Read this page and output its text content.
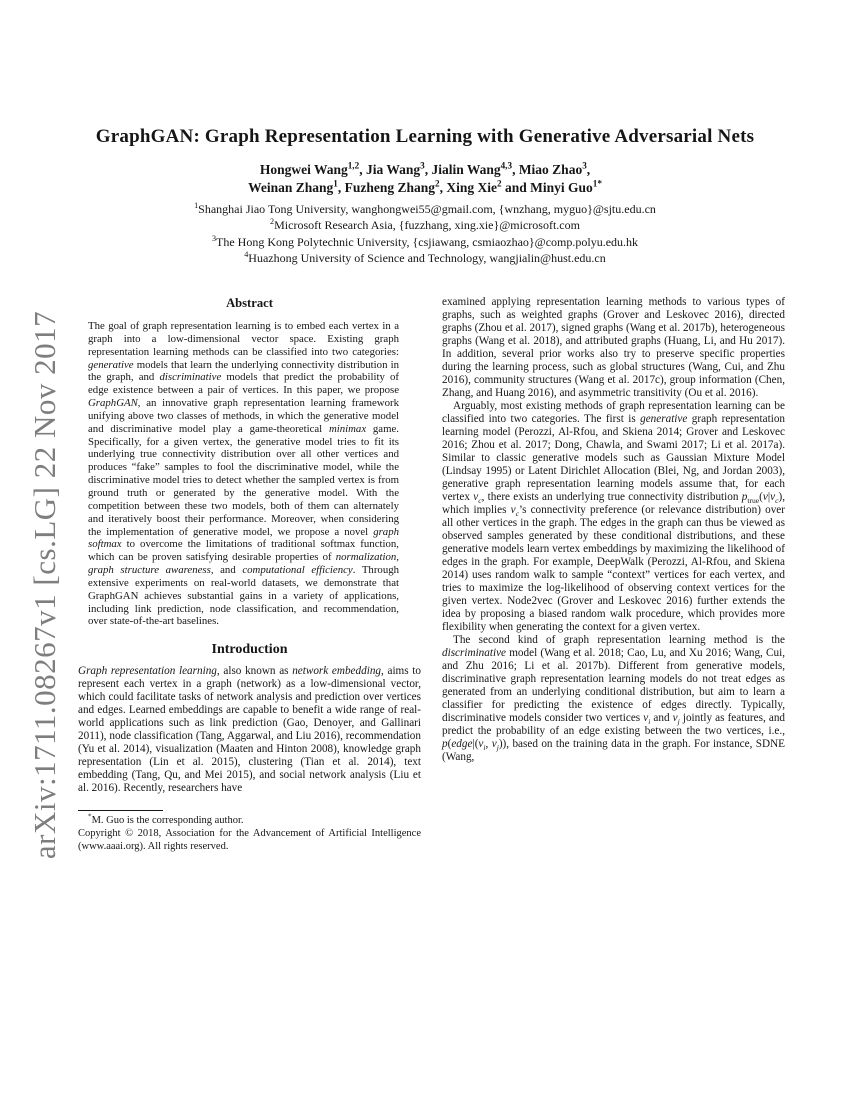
arXiv:1711.08267v1 [cs.LG] 22 Nov 2017
GraphGAN: Graph Representation Learning with Generative Adversarial Nets
Hongwei Wang$^{1,2}$, Jia Wang$^3$, Jialin Wang$^{4,3}$, Miao Zhao$^3$,
Weinan Zhang$^1$, Fuzheng Zhang$^2$, Xing Xie$^2$ and Minyi Guo$^{1*}$
$^1$Shanghai Jiao Tong University, wanghongwei55@gmail.com, {wnzhang, myguo}@sjtu.edu.cn
$^2$Microsoft Research Asia, {fuzzhang, xing.xie}@microsoft.com
$^3$The Hong Kong Polytechnic University, {csjiawang, csmiaozhao}@comp.polyu.edu.hk
$^4$Huazhong University of Science and Technology, wangjialin@hust.edu.cn
Abstract

The goal of graph representation learning is to embed each vertex in a graph into a low-dimensional vector space. Existing graph representation learning methods can be classified into two categories: generative models that learn the underlying connectivity distribution in the graph, and discriminative models that predict the probability of edge existence between a pair of vertices. In this paper, we propose GraphGAN, an innovative graph representation learning framework unifying above two classes of methods, in which the generative model and discriminative model play a game-theoretical minimax game. Specifically, for a given vertex, the generative model tries to fit its underlying true connectivity distribution over all other vertices and produces “fake” samples to fool the discriminative model, while the discriminative model tries to detect whether the sampled vertex is from ground truth or generated by the generative model. With the competition between these two models, both of them can alternately and iteratively boost their performance. Moreover, when considering the implementation of generative model, we propose a novel graph softmax to overcome the limitations of traditional softmax function, which can be proven satisfying desirable properties of normalization, graph structure awareness, and computational efficiency. Through extensive experiments on real-world datasets, we demonstrate that GraphGAN achieves substantial gains in a variety of applications, including link prediction, node classification, and recommendation, over state-of-the-art baselines.

Introduction

Graph representation learning, also known as network embedding, aims to represent each vertex in a graph (network) as a low-dimensional vector, which could facilitate tasks of network analysis and prediction over vertices and edges. Learned embeddings are capable to benefit a wide range of real-world applications such as link prediction (Gao, Denoyer, and Gallinari 2011), node classification (Tang, Aggarwal, and Liu 2016), recommendation (Yu et al. 2014), visualization (Maaten and Hinton 2008), knowledge graph representation (Lin et al. 2015), clustering (Tian et al. 2014), text embedding (Tang, Qu, and Mei 2015), and social network analysis (Liu et al. 2016). Recently, researchers have

*M. Guo is the corresponding author.

Copyright © 2018, Association for the Advancement of Artificial Intelligence (www.aaai.org). All rights reserved.

examined applying representation learning methods to various types of graphs, such as weighted graphs (Grover and Leskovec 2016), directed graphs (Zhou et al. 2017), signed graphs (Wang et al. 2017b), heterogeneous graphs (Wang et al. 2018), and attributed graphs (Huang, Li, and Hu 2017). In addition, several prior works also try to preserve specific properties during the learning process, such as global structures (Wang, Cui, and Zhu 2016), community structures (Wang et al. 2017c), group information (Chen, Zhang, and Huang 2016), and asymmetric transitivity (Ou et al. 2016).

Arguably, most existing methods of graph representation learning can be classified into two categories. The first is generative graph representation learning model (Perozzi, Al-Rfou, and Skiena 2014; Grover and Leskovec 2016; Zhou et al. 2017; Dong, Chawla, and Swami 2017; Li et al. 2017a). Similar to classic generative models such as Gaussian Mixture Model (Lindsay 1995) or Latent Dirichlet Allocation (Blei, Ng, and Jordan 2003), generative graph representation learning models assume that, for each vertex $v_c$, there exists an underlying true connectivity distribution $p_{true}(v|v_c)$, which implies $v_c’s$ connectivity preference (or relevance distribution) over all other vertices in the graph. The edges in the graph can thus be viewed as observed samples generated by these conditional distributions, and these generative models learn vertex embeddings by maximizing the likelihood of edges in the graph. For example, DeepWalk (Perozzi, Al-Rfou, and Skiena 2014) uses random walk to sample “context” vertices for each vertex, and tries to maximize the log-likelihood of observing context vertices for the given vertex. Node2vec (Grover and Leskovec 2016) further extends the idea by proposing a biased random walk procedure, which provides more flexibility when generating the context for a given vertex.

The second kind of graph representation learning method is the discriminative model (Wang et al. 2018; Cao, Lu, and Xu 2016; Wang, Cui, and Zhu 2016; Li et al. 2017b). Different from generative models, discriminative graph representation learning models do not treat edges as generated from an underlying conditional distribution, but aim to learn a classifier for predicting the existence of edges directly. Typically, discriminative models consider two vertices $v_i$ and $v_j$ jointly as features, and predict the probability of an edge existing between the two vertices, i.e., $p(edge|(v_i$, $v_j$)), based on the training data in the graph. For instance, SDNE (Wang,
